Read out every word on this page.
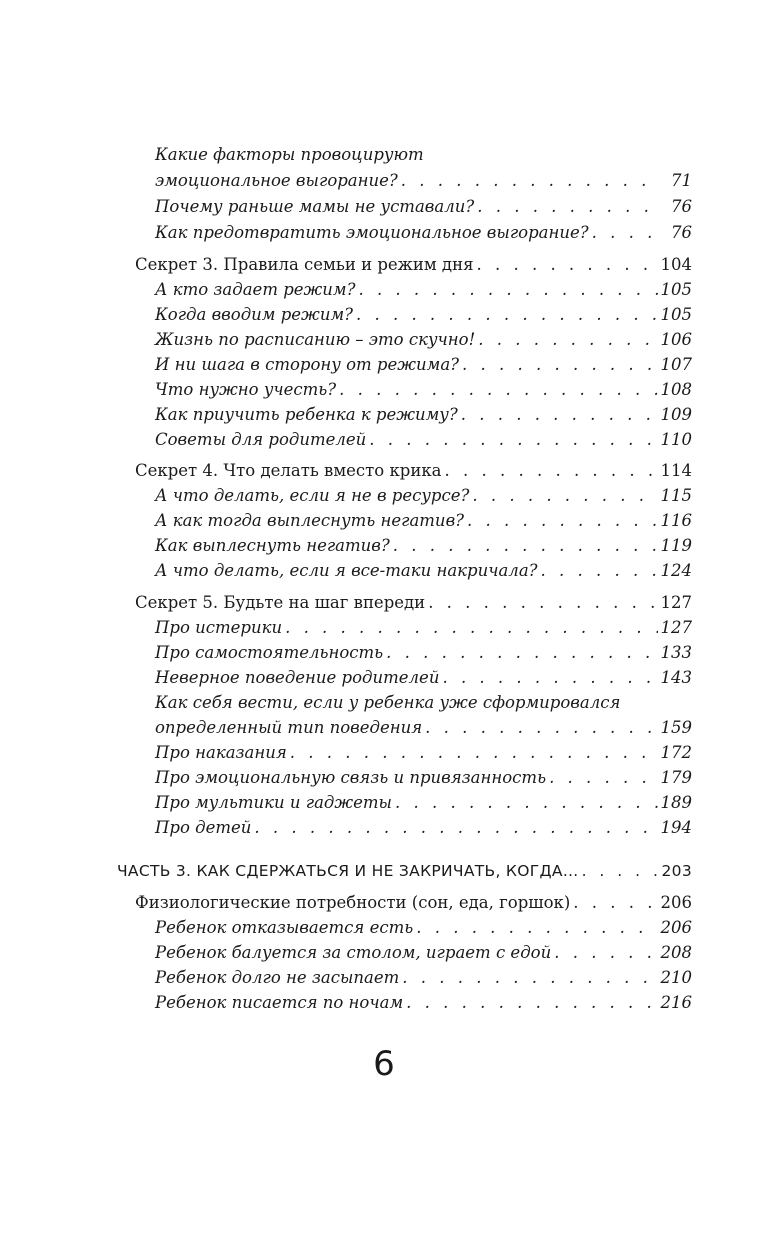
Какие факторы провоцируют
эмоциональное выгорание? . . .	71
Почему раньше мамы не уставали? . . .	76
Как предотвратить эмоциональное выгорание? . . .	76
Секрет 3. Правила семьи и режим дня . . .	104
А кто задает режим? . . .	105
Когда вводим режим? . . .	105
Жизнь по расписанию – это скучно! . . .	106
И ни шага в сторону от режима? . . .	107
Что нужно учесть? . . .	108
Как приучить ребенка к режиму? . . .	109
Советы для родителей . . .	110
Секрет 4. Что делать вместо крика . . .	114
А что делать, если я не в ресурсе? . . .	115
А как тогда выплеснуть негатив? . . .	116
Как выплеснуть негатив? . . .	119
А что делать, если я все-таки накричала? . . .	124
Секрет 5. Будьте на шаг впереди . . .	127
Про истерики . . .	127
Про самостоятельность . . .	133
Неверное поведение родителей . . .	143
Как себя вести, если у ребенка уже сформировался
определенный тип поведения . . .	159
Про наказания . . .	172
Про эмоциональную связь и привязанность . . .	179
Про мультики и гаджеты . . .	189
Про детей . . .	194
ЧАСТЬ 3. КАК СДЕРЖАТЬСЯ И НЕ ЗАКРИЧАТЬ, КОГДА… . . .	203
Физиологические потребности (сон, еда, горшок) . . .	206
Ребенок отказывается есть . . .	206
Ребенок балуется за столом, играет с едой . . .	208
Ребенок долго не засыпает . . .	210
Ребенок писается по ночам . . .	216
6
